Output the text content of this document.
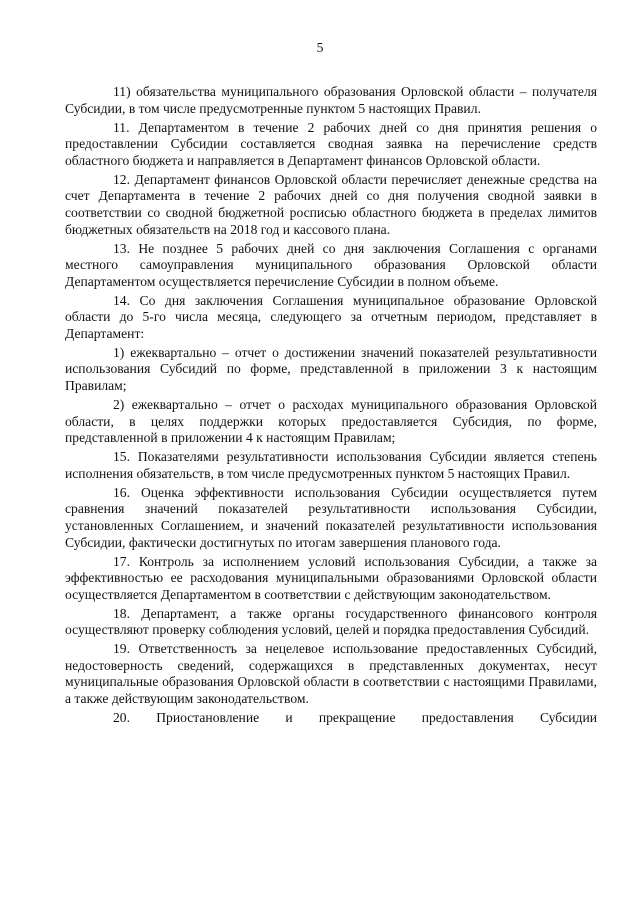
5

11) обязательства муниципального образования Орловской области – получателя Субсидии, в том числе предусмотренные пунктом 5 настоящих Правил.

11. Департаментом в течение 2 рабочих дней со дня принятия решения о предоставлении Субсидии составляется сводная заявка на перечисление средств областного бюджета и направляется в Департамент финансов Орловской области.

12. Департамент финансов Орловской области перечисляет денежные средства на счет Департамента в течение 2 рабочих дней со дня получения сводной заявки в соответствии со сводной бюджетной росписью областного бюджета в пределах лимитов бюджетных обязательств на 2018 год и кассового плана.

13. Не позднее 5 рабочих дней со дня заключения Соглашения с органами местного самоуправления муниципального образования Орловской области Департаментом осуществляется перечисление Субсидии в полном объеме.

14. Со дня заключения Соглашения муниципальное образование Орловской области до 5-го числа месяца, следующего за отчетным периодом, представляет в Департамент:

1) ежеквартально – отчет о достижении значений показателей результативности использования Субсидий по форме, представленной в приложении 3 к настоящим Правилам;

2) ежеквартально – отчет о расходах муниципального образования Орловской области, в целях поддержки которых предоставляется Субсидия, по форме, представленной в приложении 4 к настоящим Правилам;

15. Показателями результативности использования Субсидии является степень исполнения обязательств, в том числе предусмотренных пунктом 5 настоящих Правил.

16. Оценка эффективности использования Субсидии осуществляется путем сравнения значений показателей результативности использования Субсидии, установленных Соглашением, и значений показателей результативности использования Субсидии, фактически достигнутых по итогам завершения планового года.

17. Контроль за исполнением условий использования Субсидии, а также за эффективностью ее расходования муниципальными образованиями Орловской области осуществляется Департаментом в соответствии с действующим законодательством.

18. Департамент, а также органы государственного финансового контроля осуществляют проверку соблюдения условий, целей и порядка предоставления Субсидий.

19. Ответственность за нецелевое использование предоставленных Субсидий, недостоверность сведений, содержащихся в представленных документах, несут муниципальные образования Орловской области в соответствии с настоящими Правилами, а также действующим законодательством.

20. Приостановление и прекращение предоставления Субсидии
